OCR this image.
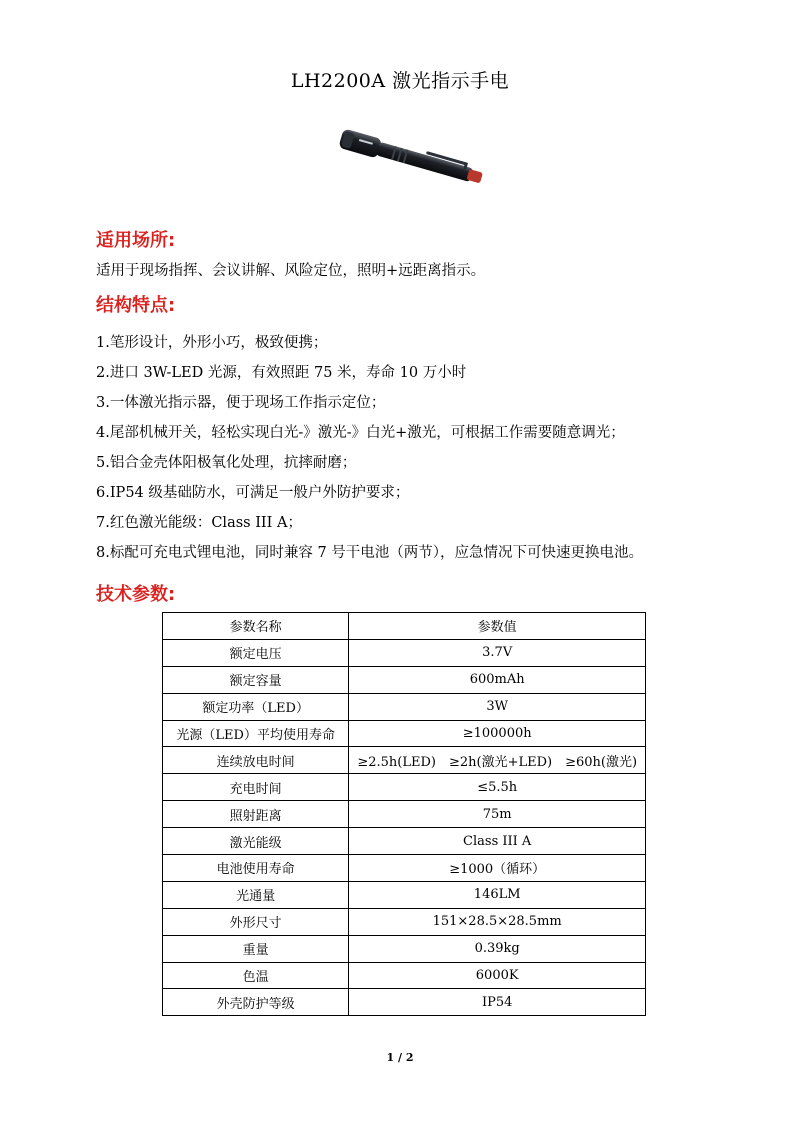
LH2200A 激光指示手电
适用场所:
适用于现场指挥、会议讲解、风险定位，照明+远距离指示。
结构特点:

1.笔形设计，外形小巧，极致便携；

2.进口 3W-LED 光源，有效照距 75 米，寿命 10 万小时

3.一体激光指示器，便于现场工作指示定位；

4.尾部机械开关，轻松实现白光-》激光-》白光+激光，可根据工作需要随意调光；

5.铝合金壳体阳极氧化处理，抗摔耐磨；

6.IP54 级基础防水，可满足一般户外防护要求；

7.红色激光能级：Class III A；

8.标配可充电式锂电池，同时兼容 7 号干电池（两节），应急情况下可快速更换电池。

技术参数:
参数名称	参数值
额定电压	3.7V
额定容量	600mAh
额定功率（LED）	3W
光源（LED）平均使用寿命	≥100000h
连续放电时间	≥2.5h(LED)　≥2h(激光+LED)　≥60h(激光)
充电时间	≤5.5h
照射距离	75m
激光能级	Class III A
电池使用寿命	≥1000（循环）
光通量	146LM
外形尺寸	151×28.5×28.5mm
重量	0.39kg
色温	6000K
外壳防护等级	IP54
1 / 2
